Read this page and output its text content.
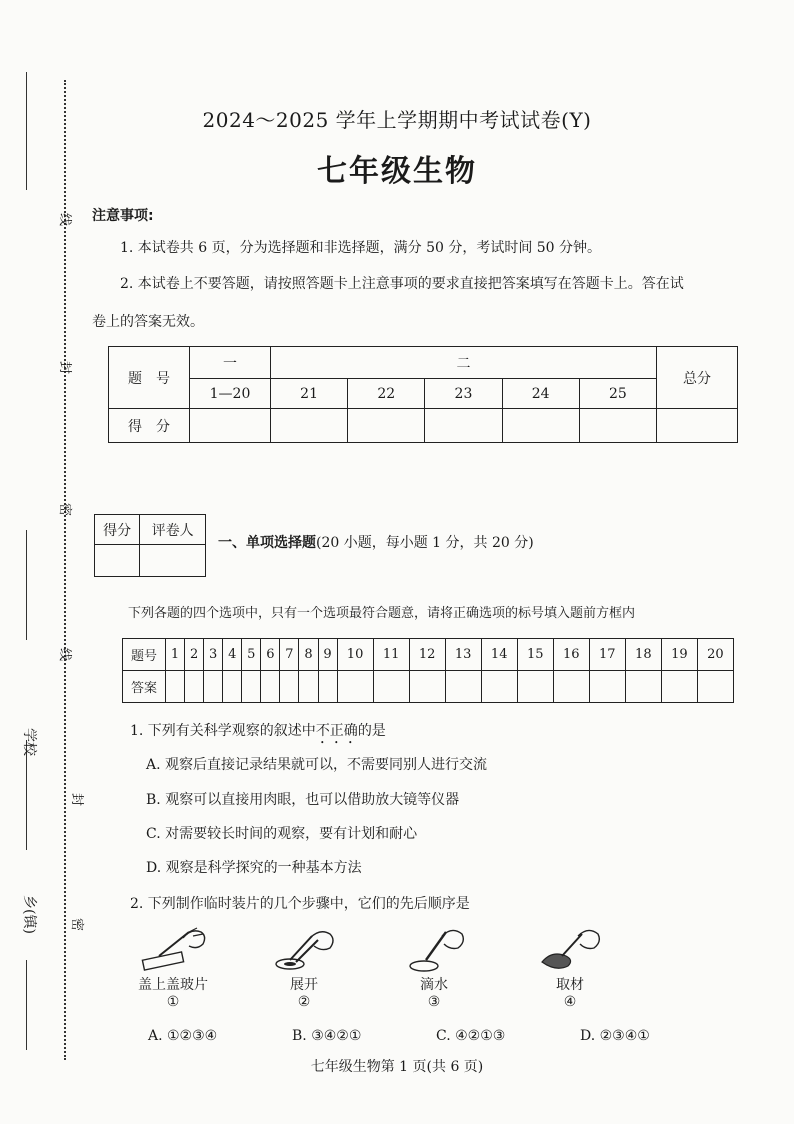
线
封
密
线
封
密
学校
乡(镇)
2024～2025 学年上学期期中考试试卷(Y)
七年级生物
注意事项:
1. 本试卷共 6 页，分为选择题和非选择题，满分 50 分，考试时间 50 分钟。
2. 本试卷上不要答题，请按照答题卡上注意事项的要求直接把答案填写在答题卡上。答在试
卷上的答案无效。
题　号	一	二					总分
	1—20	21	22	23	24	25	
得　分							
得分	评卷人

一、单项选择题(20 小题，每小题 1 分，共 20 分)
下列各题的四个选项中，只有一个选项最符合题意，请将正确选项的标号填入题前方框内
题号	1	2	3	4	5	6	7	8	9	10	11	12	13	14	15	16	17	18	19	20
答案																				
1. 下列有关科学观察的叙述中不正确的是
A. 观察后直接记录结果就可以，不需要同别人进行交流
B. 观察可以直接用肉眼，也可以借助放大镜等仪器
C. 对需要较长时间的观察，要有计划和耐心
D. 观察是科学探究的一种基本方法
2. 下列制作临时装片的几个步骤中，它们的先后顺序是
盖上盖玻片
①
展开
②
滴水
③
取材
④
A. ①②③④	B. ③④②①	C. ④②①③	D. ②③④①
七年级生物第 1 页(共 6 页)
